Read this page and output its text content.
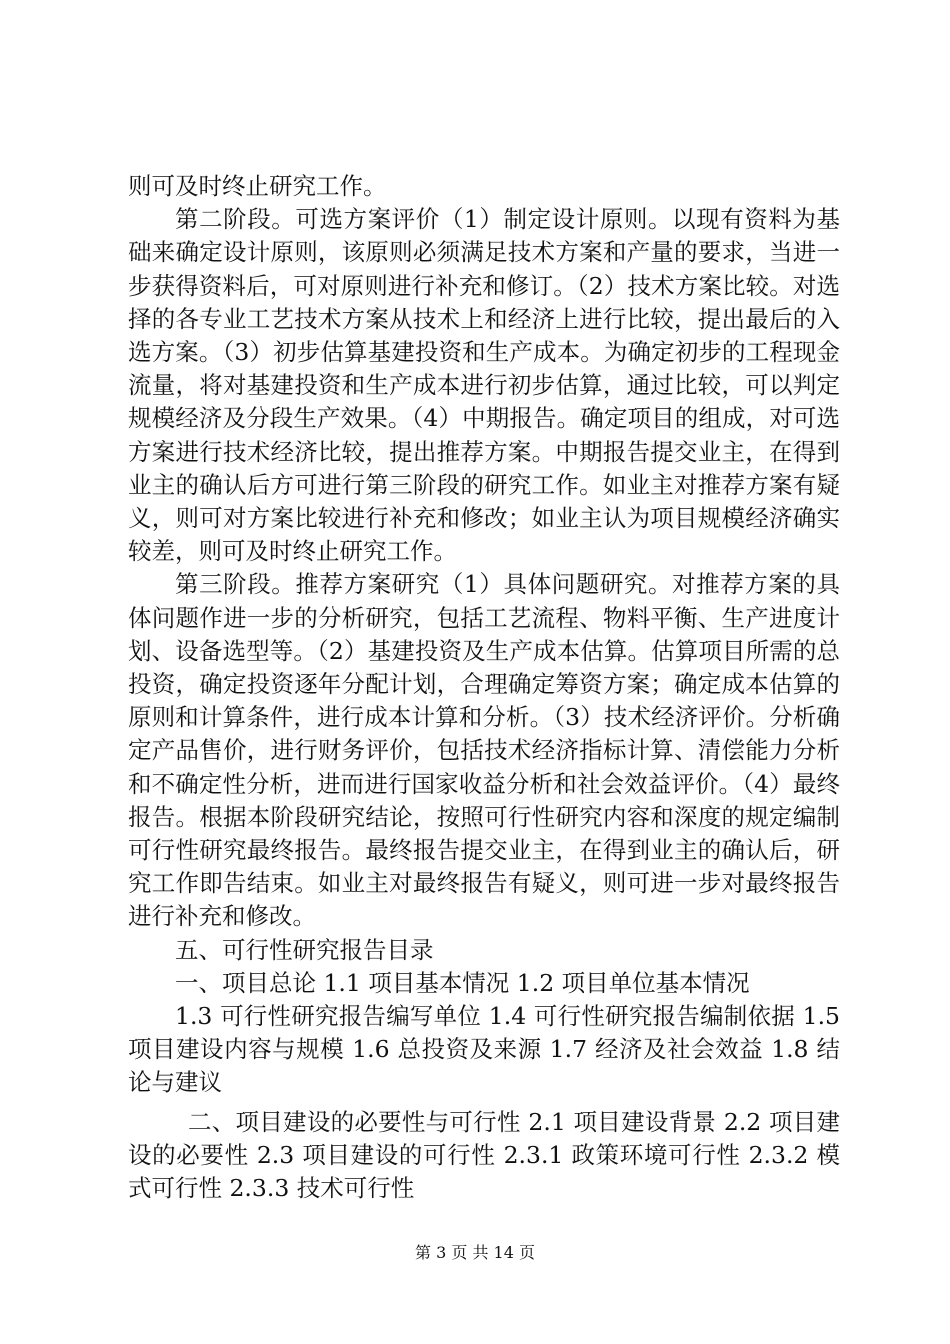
则可及时终止研究工作。

第二阶段。可选方案评价（1）制定设计原则。以现有资料为基础来确定设计原则，该原则必须满足技术方案和产量的要求，当进一步获得资料后，可对原则进行补充和修订。（2）技术方案比较。对选择的各专业工艺技术方案从技术上和经济上进行比较，提出最后的入选方案。（3）初步估算基建投资和生产成本。为确定初步的工程现金流量，将对基建投资和生产成本进行初步估算，通过比较，可以判定规模经济及分段生产效果。（4）中期报告。确定项目的组成，对可选方案进行技术经济比较，提出推荐方案。中期报告提交业主，在得到业主的确认后方可进行第三阶段的研究工作。如业主对推荐方案有疑义，则可对方案比较进行补充和修改；如业主认为项目规模经济确实较差，则可及时终止研究工作。

第三阶段。推荐方案研究（1）具体问题研究。对推荐方案的具体问题作进一步的分析研究，包括工艺流程、物料平衡、生产进度计划、设备选型等。（2）基建投资及生产成本估算。估算项目所需的总投资，确定投资逐年分配计划，合理确定筹资方案；确定成本估算的原则和计算条件，进行成本计算和分析。（3）技术经济评价。分析确定产品售价，进行财务评价，包括技术经济指标计算、清偿能力分析和不确定性分析，进而进行国家收益分析和社会效益评价。（4）最终报告。根据本阶段研究结论，按照可行性研究内容和深度的规定编制可行性研究最终报告。最终报告提交业主，在得到业主的确认后，研究工作即告结束。如业主对最终报告有疑义，则可进一步对最终报告进行补充和修改。

五、可行性研究报告目录

一、项目总论 1.1 项目基本情况 1.2 项目单位基本情况

1.3 可行性研究报告编写单位 1.4 可行性研究报告编制依据 1.5 项目建设内容与规模 1.6 总投资及来源 1.7 经济及社会效益 1.8 结论与建议

二、项目建设的必要性与可行性 2.1 项目建设背景 2.2 项目建设的必要性 2.3 项目建设的可行性 2.3.1 政策环境可行性 2.3.2 模式可行性 2.3.3 技术可行性

第 3 页 共 14 页
